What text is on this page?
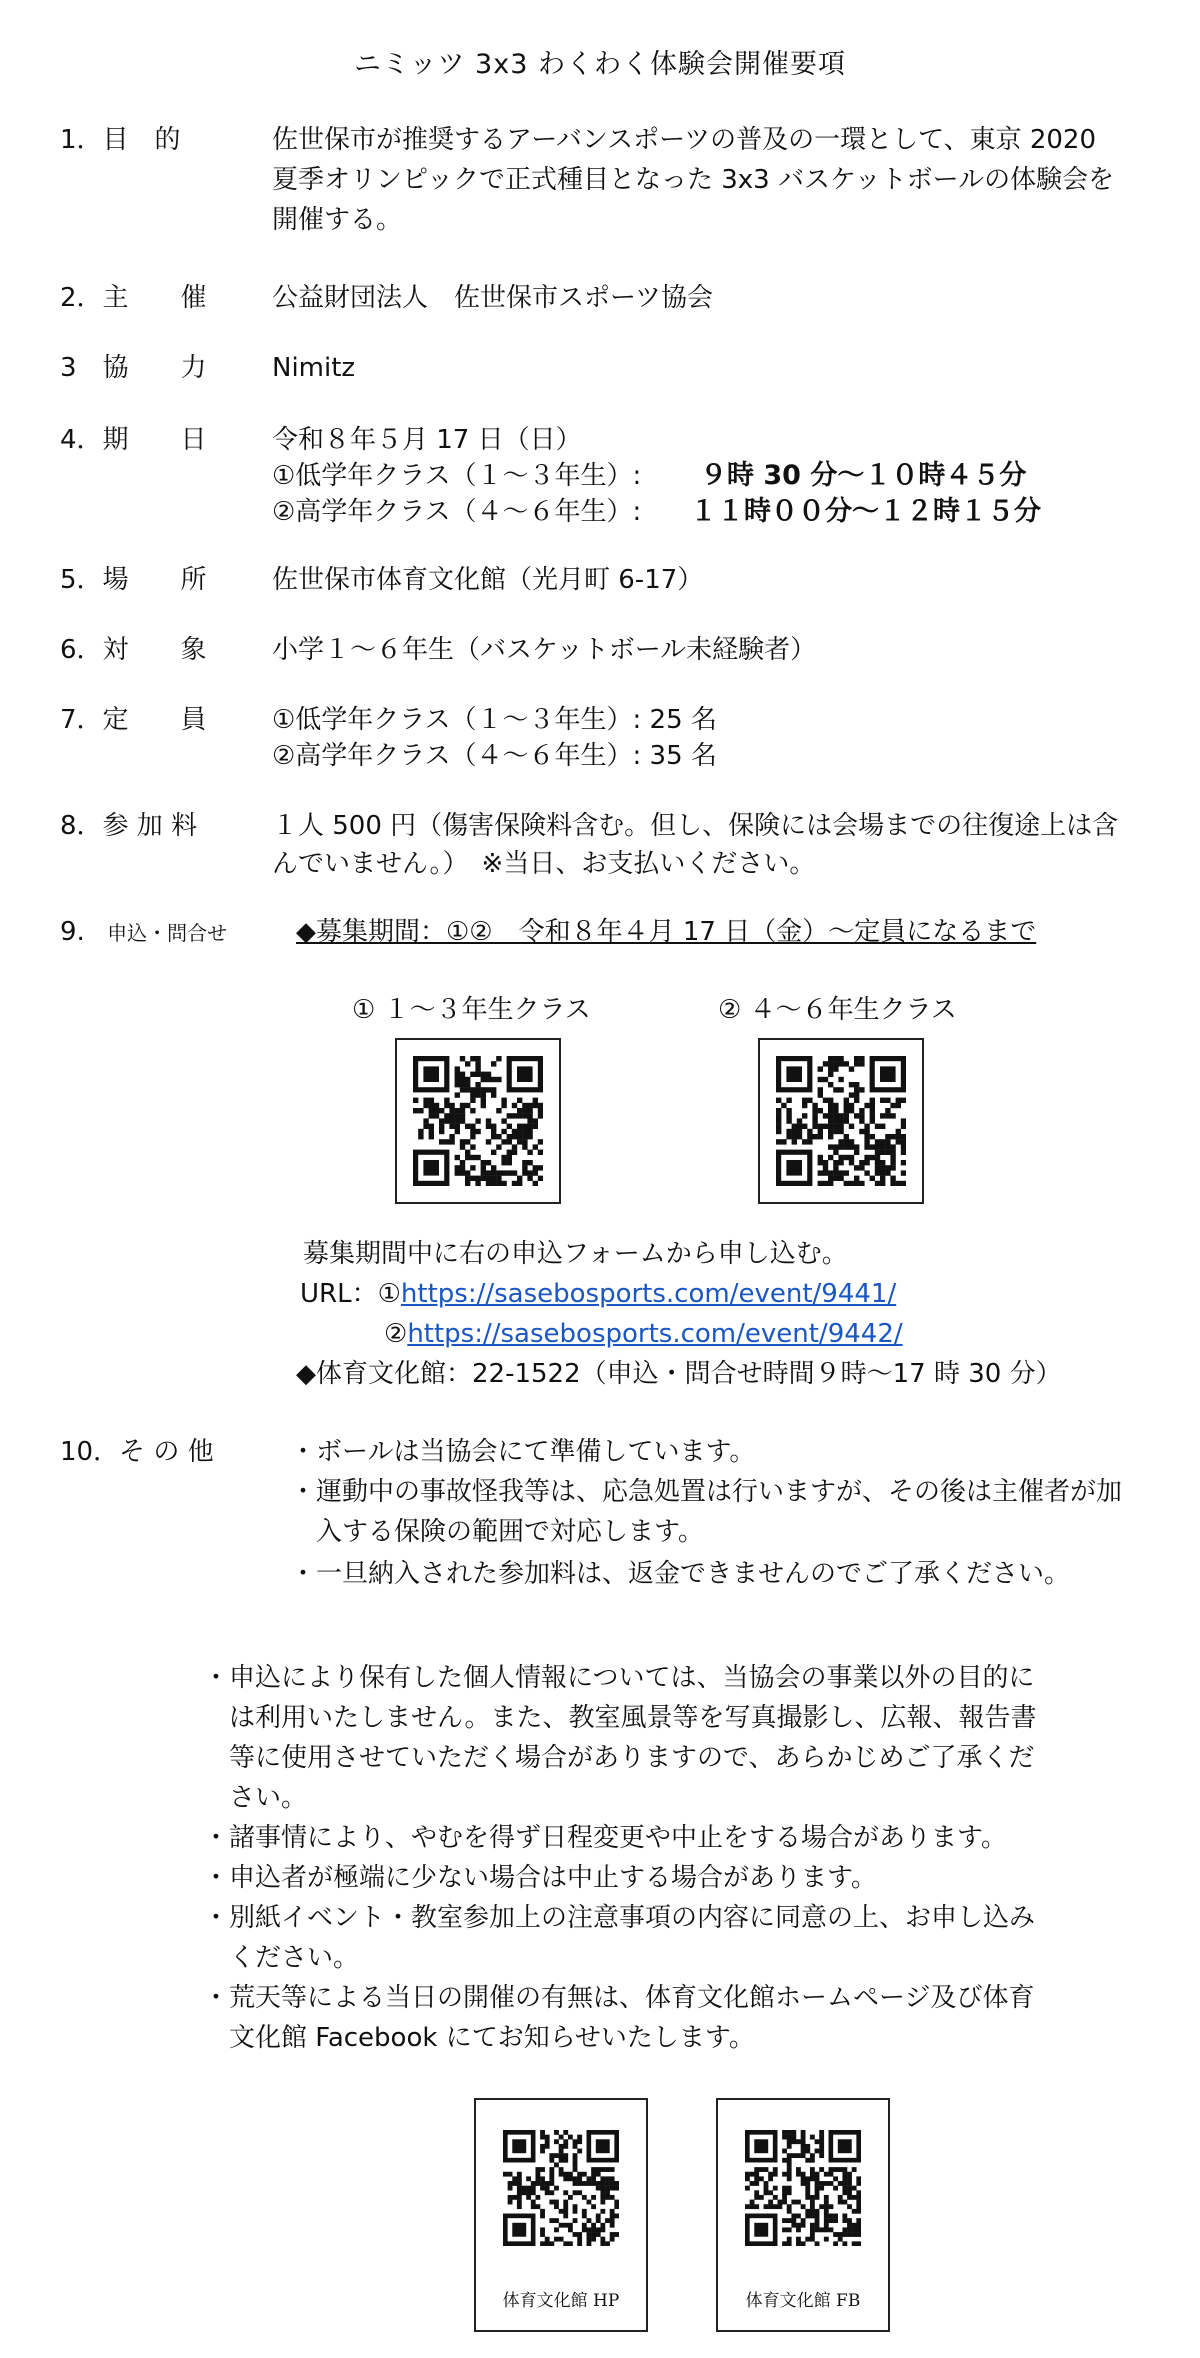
ニミッツ 3x3 わくわく体験会開催要項
1．目　的	佐世保市が推奨するアーバンスポーツの普及の一環として、東京 2020
夏季オリンピックで正式種目となった 3x3 バスケットボールの体験会を
開催する。
2．主　　催	公益財団法人　佐世保市スポーツ協会
3　協　　力	Nimitz
4．期　　日	令和８年５月 17 日（日）
①低学年クラス（１～３年生）: ９時 30 分～１０時４５分
②高学年クラス（４～６年生）: １１時００分～１２時１５分
5．場　　所	佐世保市体育文化館（光月町 6-17）
6．対　　象	小学１～６年生（バスケットボール未経験者）
7．定　　員	①低学年クラス（１～３年生）: 25 名
②高学年クラス（４～６年生）: 35 名
8．参 加 料	１人 500 円（傷害保険料含む。但し、保険には会場までの往復途上は含
んでいません。）　※当日、お支払いください。
9. 申込・問合せ	◆募集期間：①②　令和８年４月 17 日（金）～定員になるまで
① １～３年生クラス	② ４～６年生クラス
募集期間中に右の申込フォームから申し込む。
URL：①https://sasebosports.com/event/9441/
②https://sasebosports.com/event/9442/
◆体育文化館：22-1522（申込・問合せ時間９時～17 時 30 分）
10．そ の 他	・ボールは当協会にて準備しています。
・運動中の事故怪我等は、応急処置は行いますが、その後は主催者が加
　入する保険の範囲で対応します。
・一旦納入された参加料は、返金できませんのでご了承ください。
・申込により保有した個人情報については、当協会の事業以外の目的に
　は利用いたしません。また、教室風景等を写真撮影し、広報、報告書
　等に使用させていただく場合がありますので、あらかじめご了承くだ
　さい。
・諸事情により、やむを得ず日程変更や中止をする場合があります。
・申込者が極端に少ない場合は中止する場合があります。
・別紙イベント・教室参加上の注意事項の内容に同意の上、お申し込み
　ください。
・荒天等による当日の開催の有無は、体育文化館ホームページ及び体育
　文化館 Facebook にてお知らせいたします。
体育文化館 HP	体育文化館 FB
